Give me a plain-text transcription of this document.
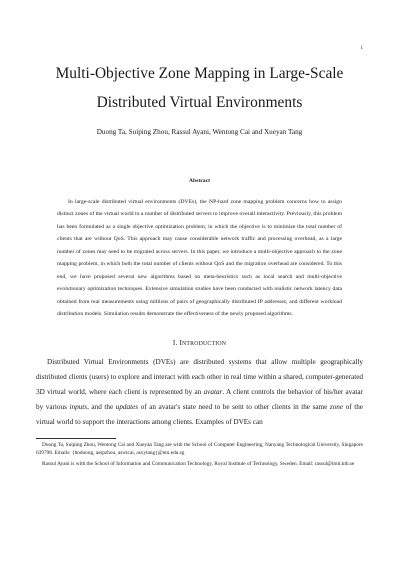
1
Multi-Objective Zone Mapping in Large-Scale Distributed Virtual Environments
Duong Ta, Suiping Zhou, Rassul Ayani, Wentong Cai and Xueyan Tang
Abstract

In large-scale distributed virtual environments (DVEs), the NP-hard zone mapping problem concerns how to assign distinct zones of the virtual world to a number of distributed servers to improve overall interactivity. Previously, this problem has been formulated as a single objective optimization problem, in which the objective is to minimize the total number of clients that are without QoS. This approach may cause considerable network traffic and processing overhead, as a large number of zones may need to be migrated across servers. In this paper, we introduce a multi-objective approach to the zone mapping problem, in which both the total number of clients without QoS and the migration overhead are considered. To this end, we have proposed several new algorithms based on meta-heuristics such as local search and multi-objective evolutionary optimization techniques. Extensive simulation studies have been conducted with realistic network latency data obtained from real measurements using millions of pairs of geographically distributed IP addresses, and different workload distribution models. Simulation results demonstrate the effectiveness of the newly proposed algorithms.

I. INTRODUCTION

Distributed Virtual Environments (DVEs) are distributed systems that allow multiple geographically distributed clients (users) to explore and interact with each other in real time within a shared, computer-generated 3D virtual world, where each client is represented by an avatar. A client controls the behavior of his/her avatar by various inputs, and the updates of an avatar's state need to be sent to other clients in the same zone of the virtual world to support the interactions among clients. Examples of DVEs can

Duong Ta, Suiping Zhou, Wentong Cai and Xueyan Tang are with the School of Computer Engineering, Nanyang Technological University, Singapore 639798. Emails: {hnduong, asspzhou, aswtcai, asxytang}@ntu.edu.sg
Rassul Ayani is with the School of Information and Communication Technology, Royal Institute of Technology, Sweden. Email: rassul@imit.kth.se
